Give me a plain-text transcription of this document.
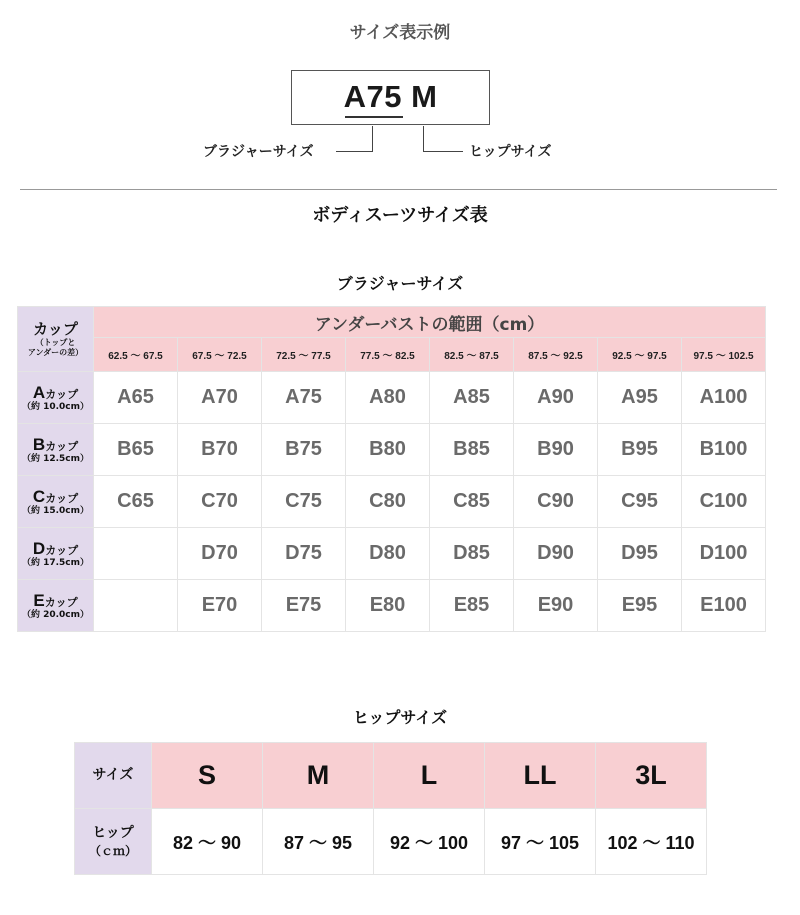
サイズ表示例
A75 M
ブラジャーサイズ	ヒップサイズ
ボディスーツサイズ表
ブラジャーサイズ
カップ
（トップと
アンダーの差）	アンダーバストの範囲（cm）							
	62.5 ～ 67.5	67.5 ～ 72.5	72.5 ～ 77.5	77.5 ～ 82.5	82.5 ～ 87.5	87.5 ～ 92.5	92.5 ～ 97.5	97.5 ～ 102.5
Aカップ
（約 10.0cm）	A65	A70	A75	A80	A85	A90	A95	A100
Bカップ
（約 12.5cm）	B65	B70	B75	B80	B85	B90	B95	B100
Cカップ
（約 15.0cm）	C65	C70	C75	C80	C85	C90	C95	C100
Dカップ
（約 17.5cm）		D70	D75	D80	D85	D90	D95	D100
Eカップ
（約 20.0cm）		E70	E75	E80	E85	E90	E95	E100
ヒップサイズ
サイズ	S	M	L	LL	3L

ヒップ
（ｃｍ）	82 ～ 90	87 ～ 95	92 ～ 100	97 ～ 105	102 ～ 110
